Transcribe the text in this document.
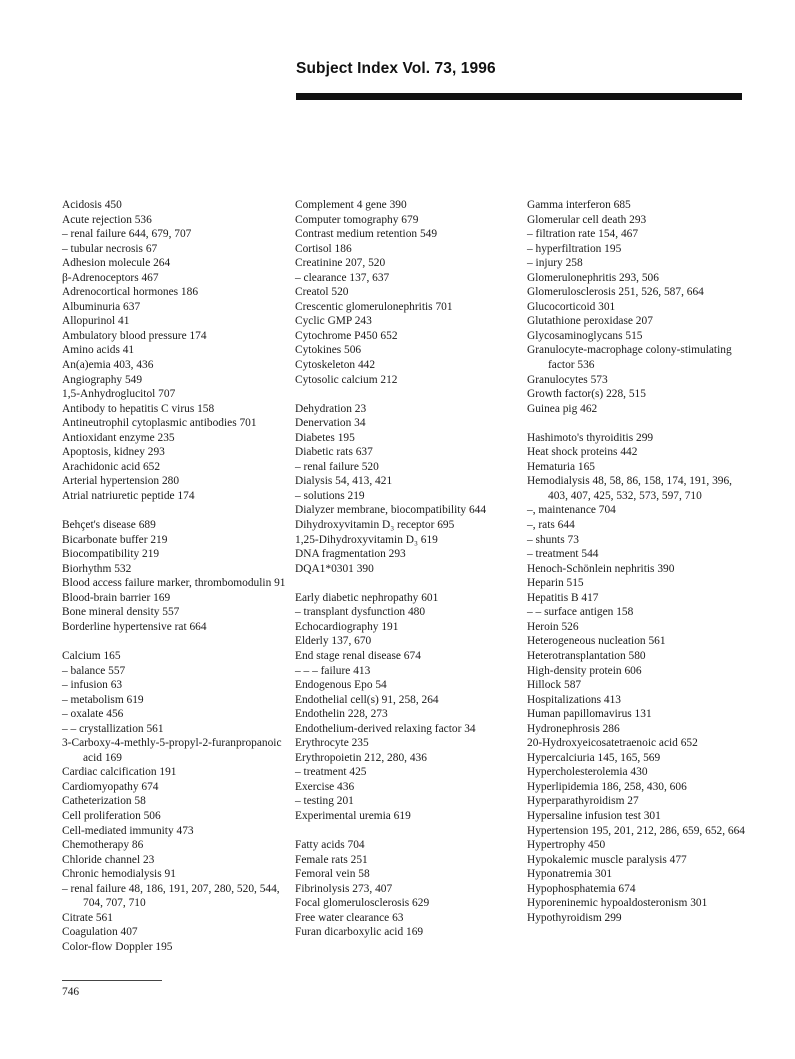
Subject Index Vol. 73, 1996
Acidosis 450
Acute rejection 536
– renal failure 644, 679, 707
– tubular necrosis 67
Adhesion molecule 264
β-Adrenoceptors 467
Adrenocortical hormones 186
Albuminuria 637
Allopurinol 41
Ambulatory blood pressure 174
Amino acids 41
An(a)emia 403, 436
Angiography 549
1,5-Anhydroglucitol 707
Antibody to hepatitis C virus 158
Antineutrophil cytoplasmic antibodies 701
Antioxidant enzyme 235
Apoptosis, kidney 293
Arachidonic acid 652
Arterial hypertension 280
Atrial natriuretic peptide 174
Behçet's disease 689
Bicarbonate buffer 219
Biocompatibility 219
Biorhythm 532
Blood access failure marker, thrombomodulin 91
Blood-brain barrier 169
Bone mineral density 557
Borderline hypertensive rat 664
Calcium 165
– balance 557
– infusion 63
– metabolism 619
– oxalate 456
– – crystallization 561
3-Carboxy-4-methly-5-propyl-2-furanpropanoic acid 169
Cardiac calcification 191
Cardiomyopathy 674
Catheterization 58
Cell proliferation 506
Cell-mediated immunity 473
Chemotherapy 86
Chloride channel 23
Chronic hemodialysis 91
– renal failure 48, 186, 191, 207, 280, 520, 544, 704, 707, 710
Citrate 561
Coagulation 407
Color-flow Doppler 195
Complement 4 gene 390
Computer tomography 679
Contrast medium retention 549
Cortisol 186
Creatinine 207, 520
– clearance 137, 637
Creatol 520
Crescentic glomerulonephritis 701
Cyclic GMP 243
Cytochrome P450 652
Cytokines 506
Cytoskeleton 442
Cytosolic calcium 212
Dehydration 23
Denervation 34
Diabetes 195
Diabetic rats 637
– renal failure 520
Dialysis 54, 413, 421
– solutions 219
Dialyzer membrane, biocompatibility 644
Dihydroxyvitamin D₃ receptor 695
1,25-Dihydroxyvitamin D₃ 619
DNA fragmentation 293
DQA1*0301 390
Early diabetic nephropathy 601
– transplant dysfunction 480
Echocardiography 191
Elderly 137, 670
End stage renal disease 674
– – – failure 413
Endogenous Epo 54
Endothelial cell(s) 91, 258, 264
Endothelin 228, 273
Endothelium-derived relaxing factor 34
Erythrocyte 235
Erythropoietin 212, 280, 436
– treatment 425
Exercise 436
– testing 201
Experimental uremia 619
Fatty acids 704
Female rats 251
Femoral vein 58
Fibrinolysis 273, 407
Focal glomerulosclerosis 629
Free water clearance 63
Furan dicarboxylic acid 169
Gamma interferon 685
Glomerular cell death 293
– filtration rate 154, 467
– hyperfiltration 195
– injury 258
Glomerulonephritis 293, 506
Glomerulosclerosis 251, 526, 587, 664
Glucocorticoid 301
Glutathione peroxidase 207
Glycosaminoglycans 515
Granulocyte-macrophage colony-stimulating factor 536
Granulocytes 573
Growth factor(s) 228, 515
Guinea pig 462
Hashimoto's thyroiditis 299
Heat shock proteins 442
Hematuria 165
Hemodialysis 48, 58, 86, 158, 174, 191, 396, 403, 407, 425, 532, 573, 597, 710
–, maintenance 704
–, rats 644
– shunts 73
– treatment 544
Henoch-Schönlein nephritis 390
Heparin 515
Hepatitis B 417
– – surface antigen 158
Heroin 526
Heterogeneous nucleation 561
Heterotransplantation 580
High-density protein 606
Hillock 587
Hospitalizations 413
Human papillomavirus 131
Hydronephrosis 286
20-Hydroxyeicosatetraenoic acid 652
Hypercalciuria 145, 165, 569
Hypercholesterolemia 430
Hyperlipidemia 186, 258, 430, 606
Hyperparathyroidism 27
Hypersaline infusion test 301
Hypertension 195, 201, 212, 286, 659, 652, 664
Hypertrophy 450
Hypokalemic muscle paralysis 477
Hyponatremia 301
Hypophosphatemia 674
Hyporeninemic hypoaldosteronism 301
Hypothyroidism 299
746
